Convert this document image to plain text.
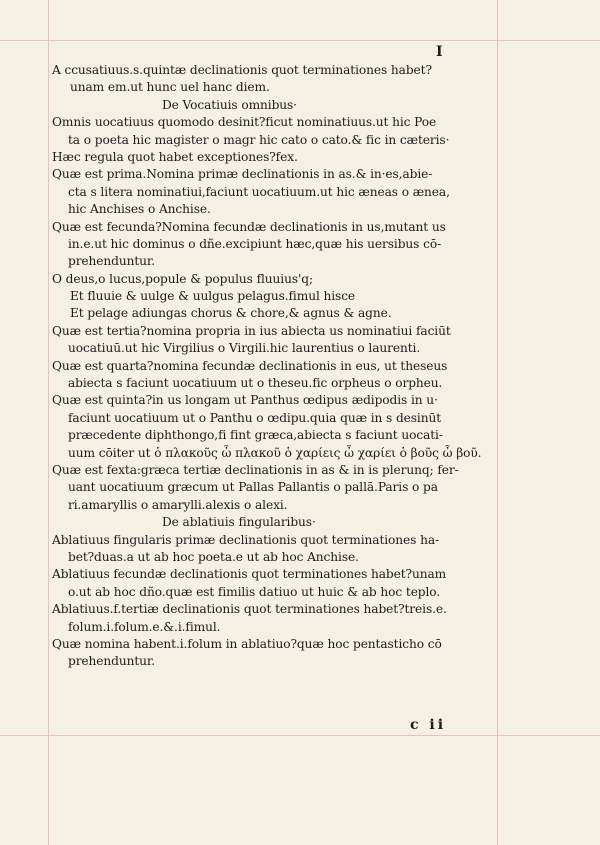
I
A ccusatiuus.s.quintæ declinationis quot terminationes habet?
unam em.ut hunc uel hanc diem.
De Vocatiuis omnibus·
Omnis uocatiuus quomodo desinit?ficut nominatiuus.ut hic Poe
ta o poeta hic magister o magr hic cato o cato.& fic in cæteris·
Hæc regula quot habet exceptiones?fex.
Quæ est prima.Nomina primæ declinationis in as.& in·es,abie-
cta s litera nominatiui,faciunt uocatiuum.ut hic æneas o ænea,
hic Anchises o Anchise.
Quæ est fecunda?Nomina fecundæ declinationis in us,mutant us
in.e.ut hic dominus o dñe.excipiunt hæc,quæ his uersibus cō-
prehenduntur.
O deus,o lucus,popule & populus fluuius'q;
Et fluuie & uulge & uulgus pelagus.fimul hisce
Et pelage adiungas chorus & chore,& agnus & agne.
Quæ est tertia?nomina propria in ius abiecta us nominatiui faciūt
uocatiuū.ut hic Virgilius o Virgili.hic laurentius o laurenti.
Quæ est quarta?nomina fecundæ declinationis in eus, ut theseus
abiecta s faciunt uocatiuum ut o theseu.fic orpheus o orpheu.
Quæ est quinta?in us longam ut Panthus œdipus ædipodis in u·
faciunt uocatiuum ut o Panthu o œdipu.quia quæ in s desinūt
præcedente diphthongo,fi fint græca,abiecta s faciunt uocati-
uum cōiter ut ὁ πλακοῦς ὦ πλακοῦ ὁ χαρίεις ὦ χαρίει ὁ βοῦς ὦ βοῦ.
Quæ est fexta:græca tertiæ declinationis in as & in is plerunq; fer-
uant uocatiuum græcum ut Pallas Pallantis o pallā.Paris o pa
ri.amaryllis o amarylli.alexis o alexi.
De ablatiuis fingularibus·
Ablatiuus fingularis primæ declinationis quot terminationes ha-
bet?duas.a ut ab hoc poeta.e ut ab hoc Anchise.
Ablatiuus fecundæ declinationis quot terminationes habet?unam
o.ut ab hoc dño.quæ est fimilis datiuo ut huic & ab hoc teplo.
Ablatiuus.f.tertiæ declinationis quot terminationes habet?treis.e.
folum.i.folum.e.&.i.fimul.
Quæ nomina habent.i.folum in ablatiuo?quæ hoc pentasticho cō
prehenduntur.
c ii
